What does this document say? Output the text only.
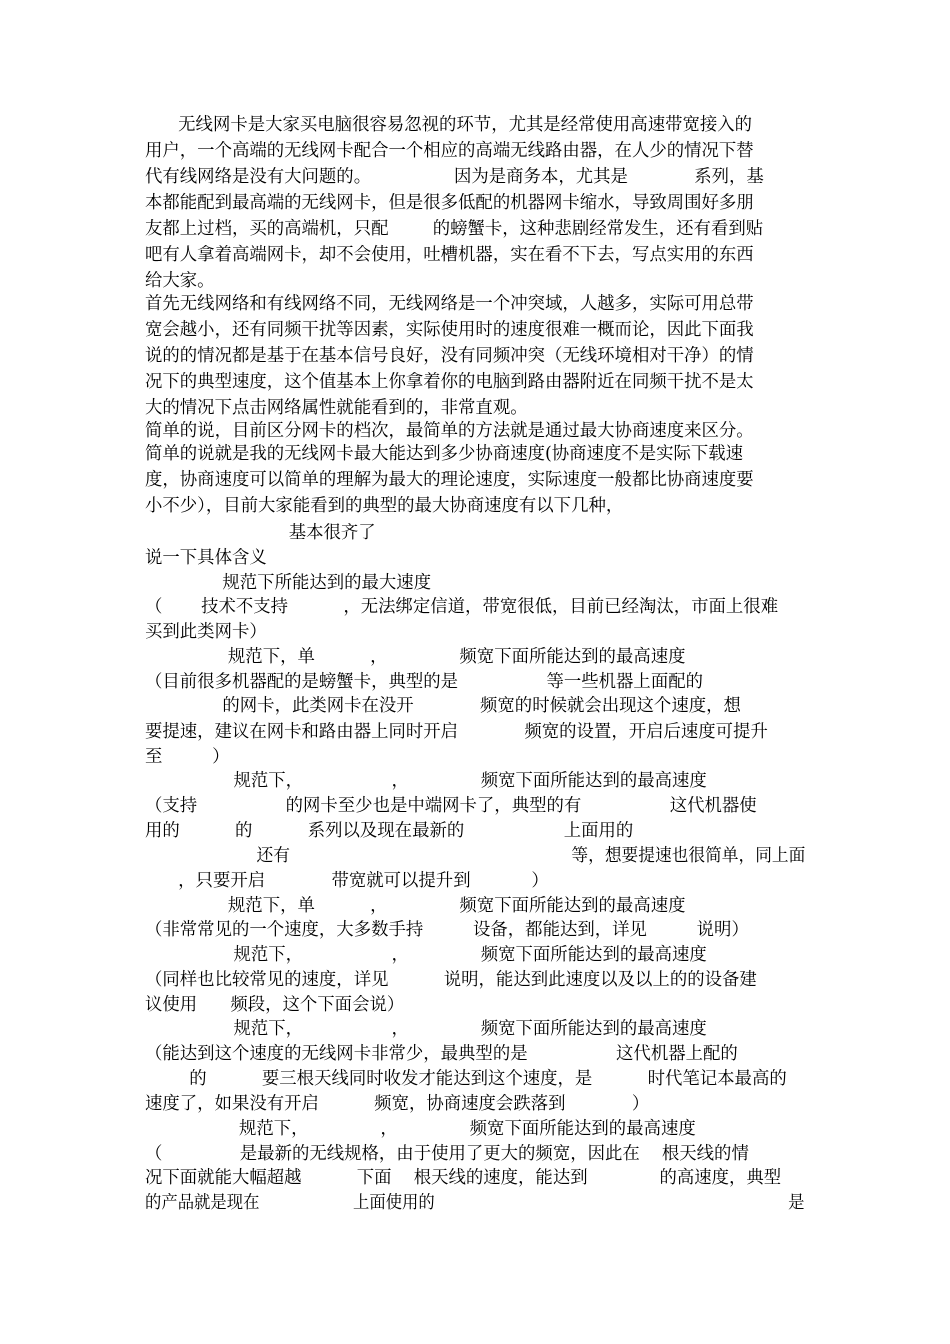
无线网卡是大家买电脑很容易忽视的环节，尤其是经常使用高速带宽接入的
用户，一个高端的无线网卡配合一个相应的高端无线路由器，在人少的情况下替
代有线网络是没有大问题的。               因为是商务本，尤其是            系列，基
本都能配到最高端的无线网卡，但是很多低配的机器网卡缩水，导致周围好多朋
友都上过档，买的高端机，只配        的螃蟹卡，这种悲剧经常发生，还有看到贴
吧有人拿着高端网卡，却不会使用，吐槽机器，实在看不下去，写点实用的东西
给大家。
首先无线网络和有线网络不同，无线网络是一个冲突域，人越多，实际可用总带
宽会越小，还有同频干扰等因素，实际使用时的速度很难一概而论，因此下面我
说的的情况都是基于在基本信号良好，没有同频冲突（无线环境相对干净）的情
况下的典型速度，这个值基本上你拿着你的电脑到路由器附近在同频干扰不是太
大的情况下点击网络属性就能看到的，非常直观。
简单的说，目前区分网卡的档次，最简单的方法就是通过最大协商速度来区分。
简单的说就是我的无线网卡最大能达到多少协商速度(协商速度不是实际下载速
度，协商速度可以简单的理解为最大的理论速度，实际速度一般都比协商速度要
小不少），目前大家能看到的典型的最大协商速度有以下几种，
基本很齐了
说一下具体含义
规范下所能达到的最大速度
（       技术不支持          ，无法绑定信道，带宽很低，目前已经淘汰，市面上很难
买到此类网卡）
规范下，单          ，             频宽下面所能达到的最高速度
（目前很多机器配的是螃蟹卡，典型的是                等一些机器上面配的
的网卡，此类网卡在没开            频宽的时候就会出现这个速度，想
要提速，建议在网卡和路由器上同时开启            频宽的设置，开启后速度可提升
至         ）
规范下，                ，             频宽下面所能达到的最高速度
（支持                的网卡至少也是中端网卡了，典型的有                这代机器使
用的          的          系列以及现在最新的                  上面用的
还有                                                     等，想要提速也很简单，同上面
，只要开启            带宽就可以提升到           ）
规范下，单          ，             频宽下面所能达到的最高速度
（非常常见的一个速度，大多数手持         设备，都能达到，详见         说明）
规范下，                ，             频宽下面所能达到的最高速度
（同样也比较常见的速度，详见          说明，能达到此速度以及以上的的设备建
议使用      频段，这个下面会说）
规范下，                ，             频宽下面所能达到的最高速度
（能达到这个速度的无线网卡非常少，最典型的是                这代机器上配的
的          要三根天线同时收发才能达到这个速度，是          时代笔记本最高的
速度了，如果没有开启          频宽，协商速度会跌落到            ）
规范下，             ，             频宽下面所能达到的最高速度
（              是最新的无线规格，由于使用了更大的频宽，因此在    根天线的情
况下面就能大幅超越          下面    根天线的速度，能达到             的高速度，典型
的产品就是现在                  上面使用的                                                                    是
